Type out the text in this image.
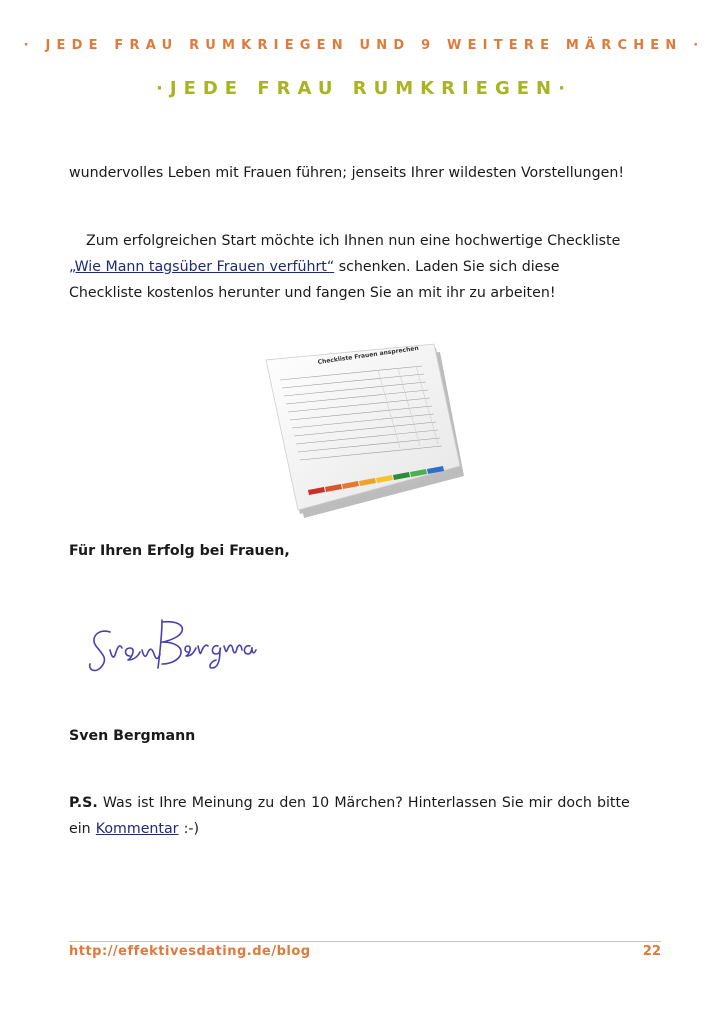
· JEDE FRAU RUMKRIEGEN UND 9 WEITERE MÄRCHEN ·
·JEDE FRAU RUMKRIEGEN·
wundervolles Leben mit Frauen führen; jenseits Ihrer wildesten Vorstellungen!
Zum erfolgreichen Start möchte ich Ihnen nun eine hochwertige Checkliste
„Wie Mann tagsüber Frauen verführt“ schenken. Laden Sie sich diese
Checkliste kostenlos herunter und fangen Sie an mit ihr zu arbeiten!
Checkliste Frauen ansprechen
Für Ihren Erfolg bei Frauen,
Sven Bergmann
Sven Bergmann
P.S. Was ist Ihre Meinung zu den 10 Märchen? Hinterlassen Sie mir doch bitte
ein Kommentar :-)
http://effektivesdating.de/blog	22
